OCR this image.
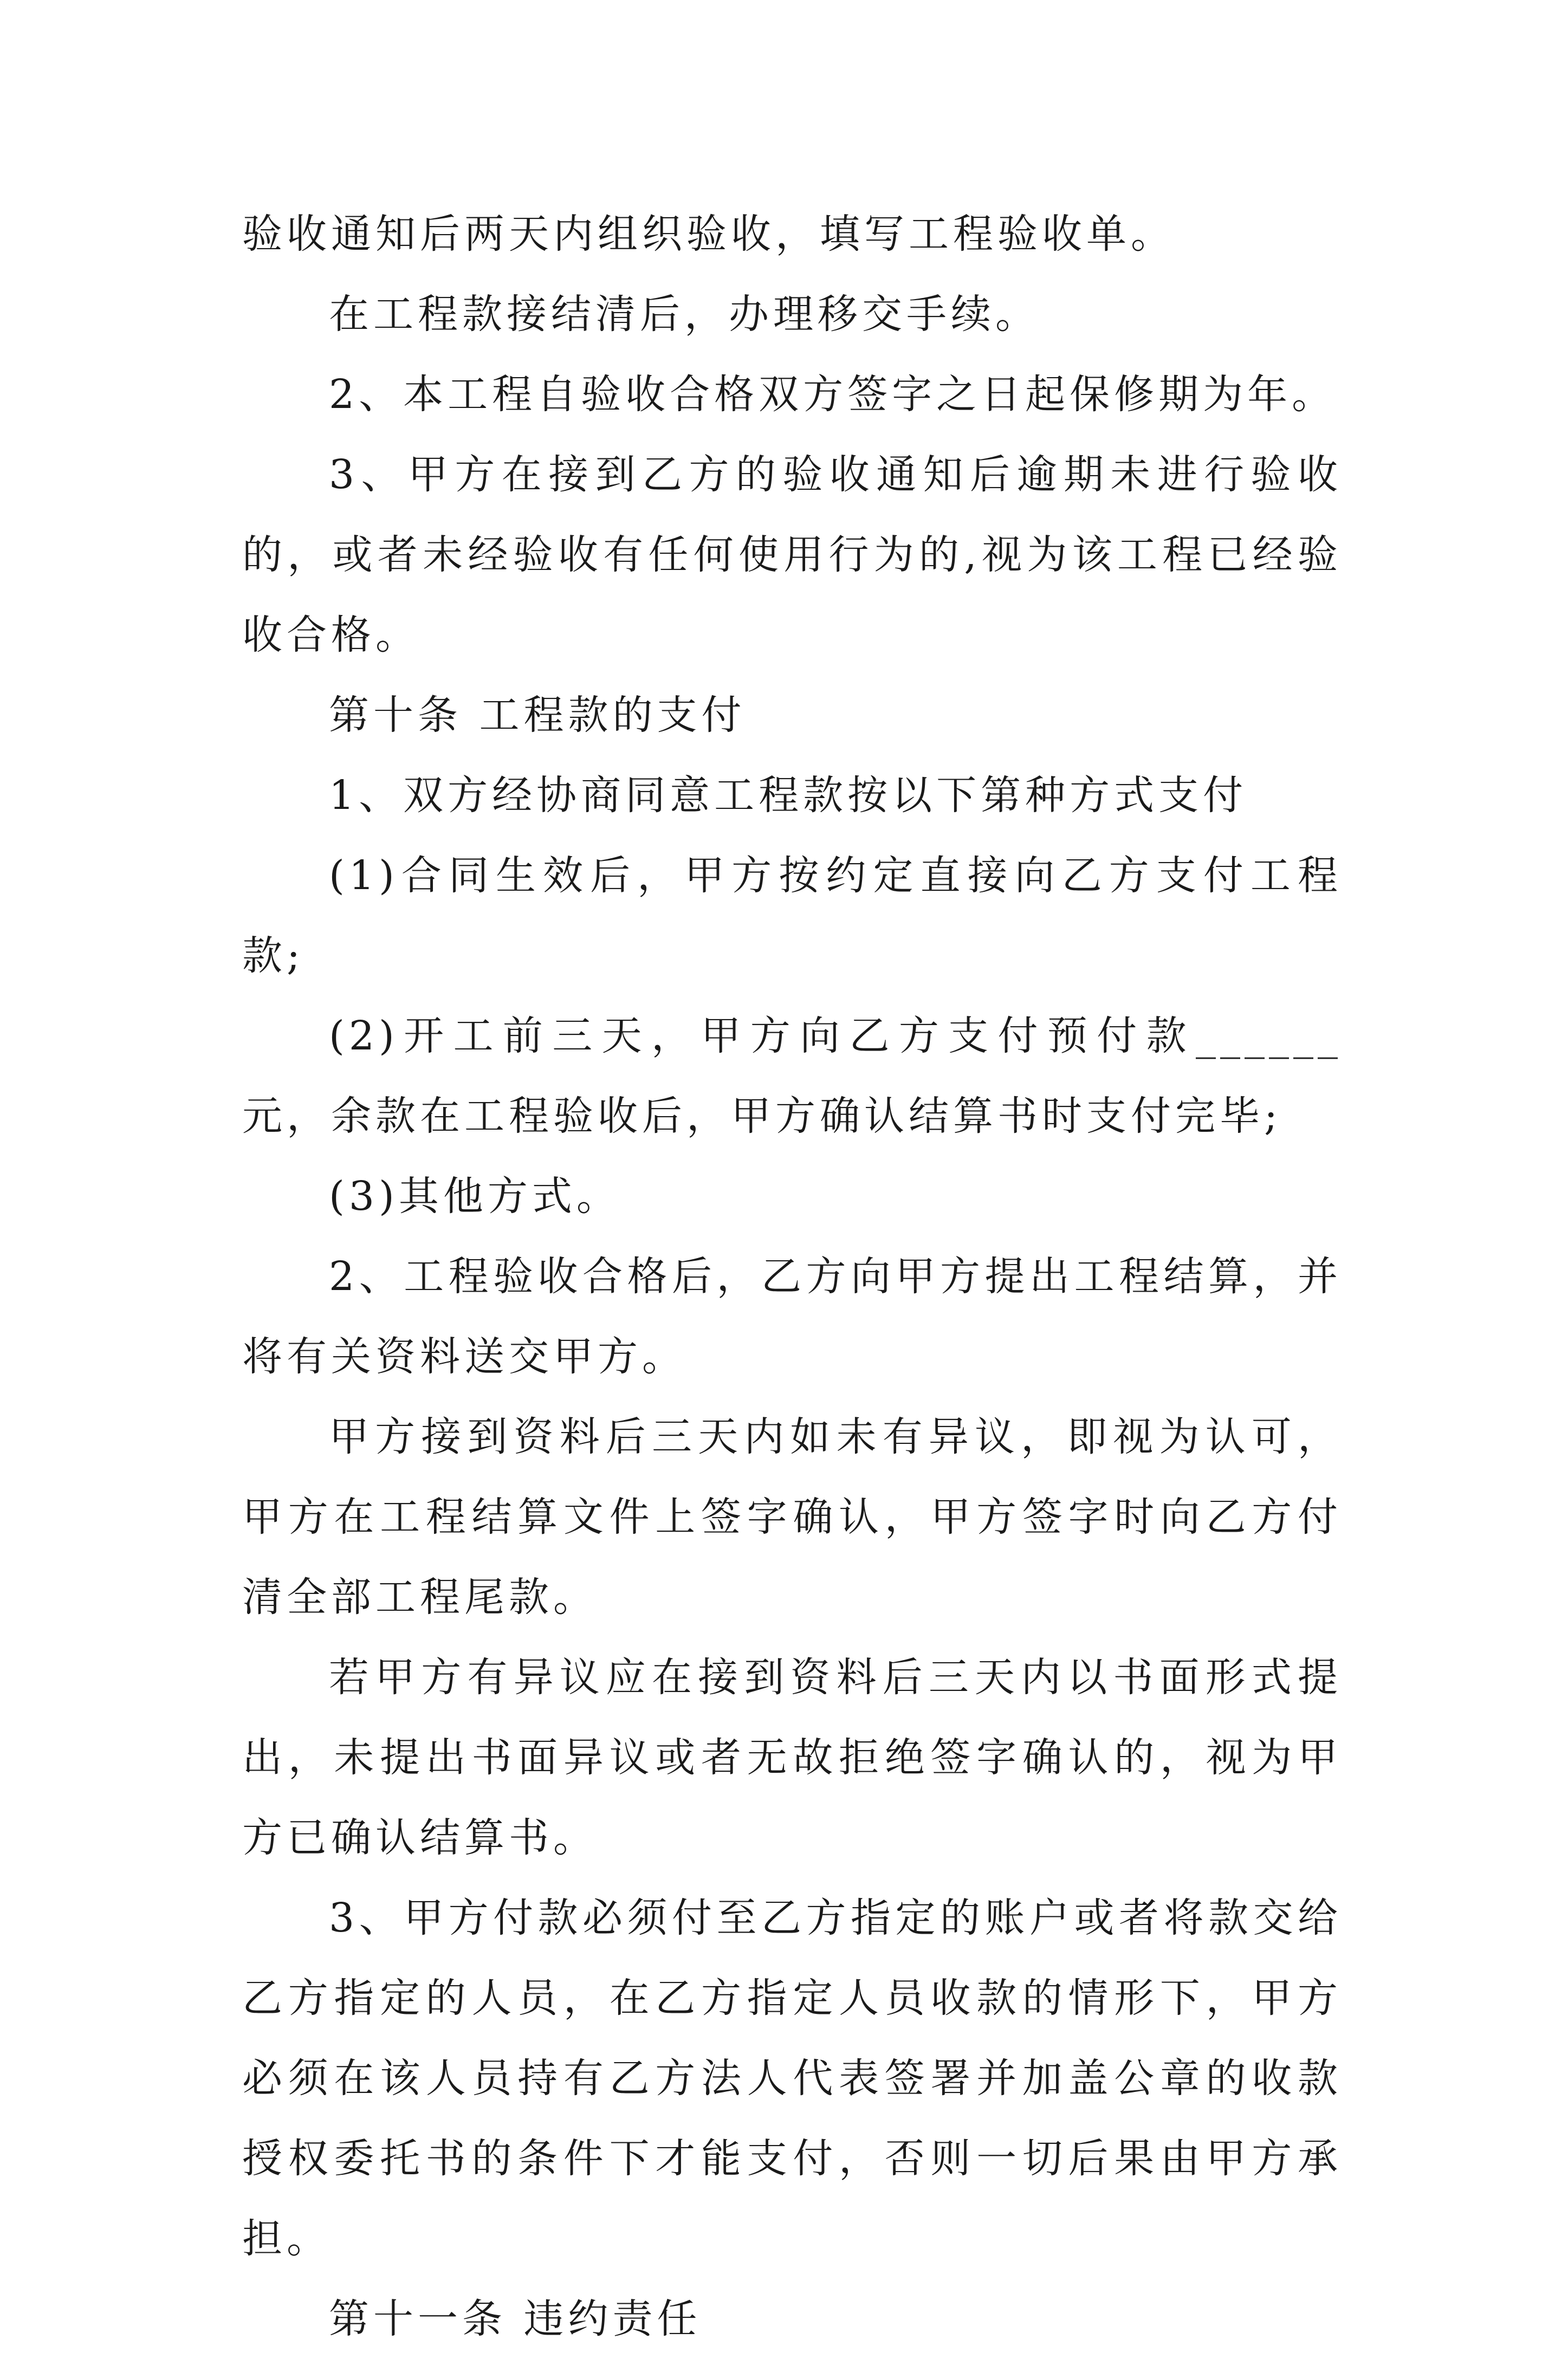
验收通知后两天内组织验收，填写工程验收单。

在工程款接结清后，办理移交手续。

2、本工程自验收合格双方签字之日起保修期为年。

3、甲方在接到乙方的验收通知后逾期未进行验收的，或者未经验收有任何使用行为的,视为该工程已经验收合格。

第十条 工程款的支付

1、双方经协商同意工程款按以下第种方式支付

(1)合同生效后，甲方按约定直接向乙方支付工程款;

(2)开工前三天，甲方向乙方支付预付款______元，余款在工程验收后，甲方确认结算书时支付完毕;

(3)其他方式。

2、工程验收合格后，乙方向甲方提出工程结算，并将有关资料送交甲方。

甲方接到资料后三天内如未有异议，即视为认可，甲方在工程结算文件上签字确认，甲方签字时向乙方付清全部工程尾款。

若甲方有异议应在接到资料后三天内以书面形式提出，未提出书面异议或者无故拒绝签字确认的，视为甲方已确认结算书。

3、甲方付款必须付至乙方指定的账户或者将款交给乙方指定的人员，在乙方指定人员收款的情形下，甲方必须在该人员持有乙方法人代表签署并加盖公章的收款授权委托书的条件下才能支付，否则一切后果由甲方承担。

第十一条 违约责任
